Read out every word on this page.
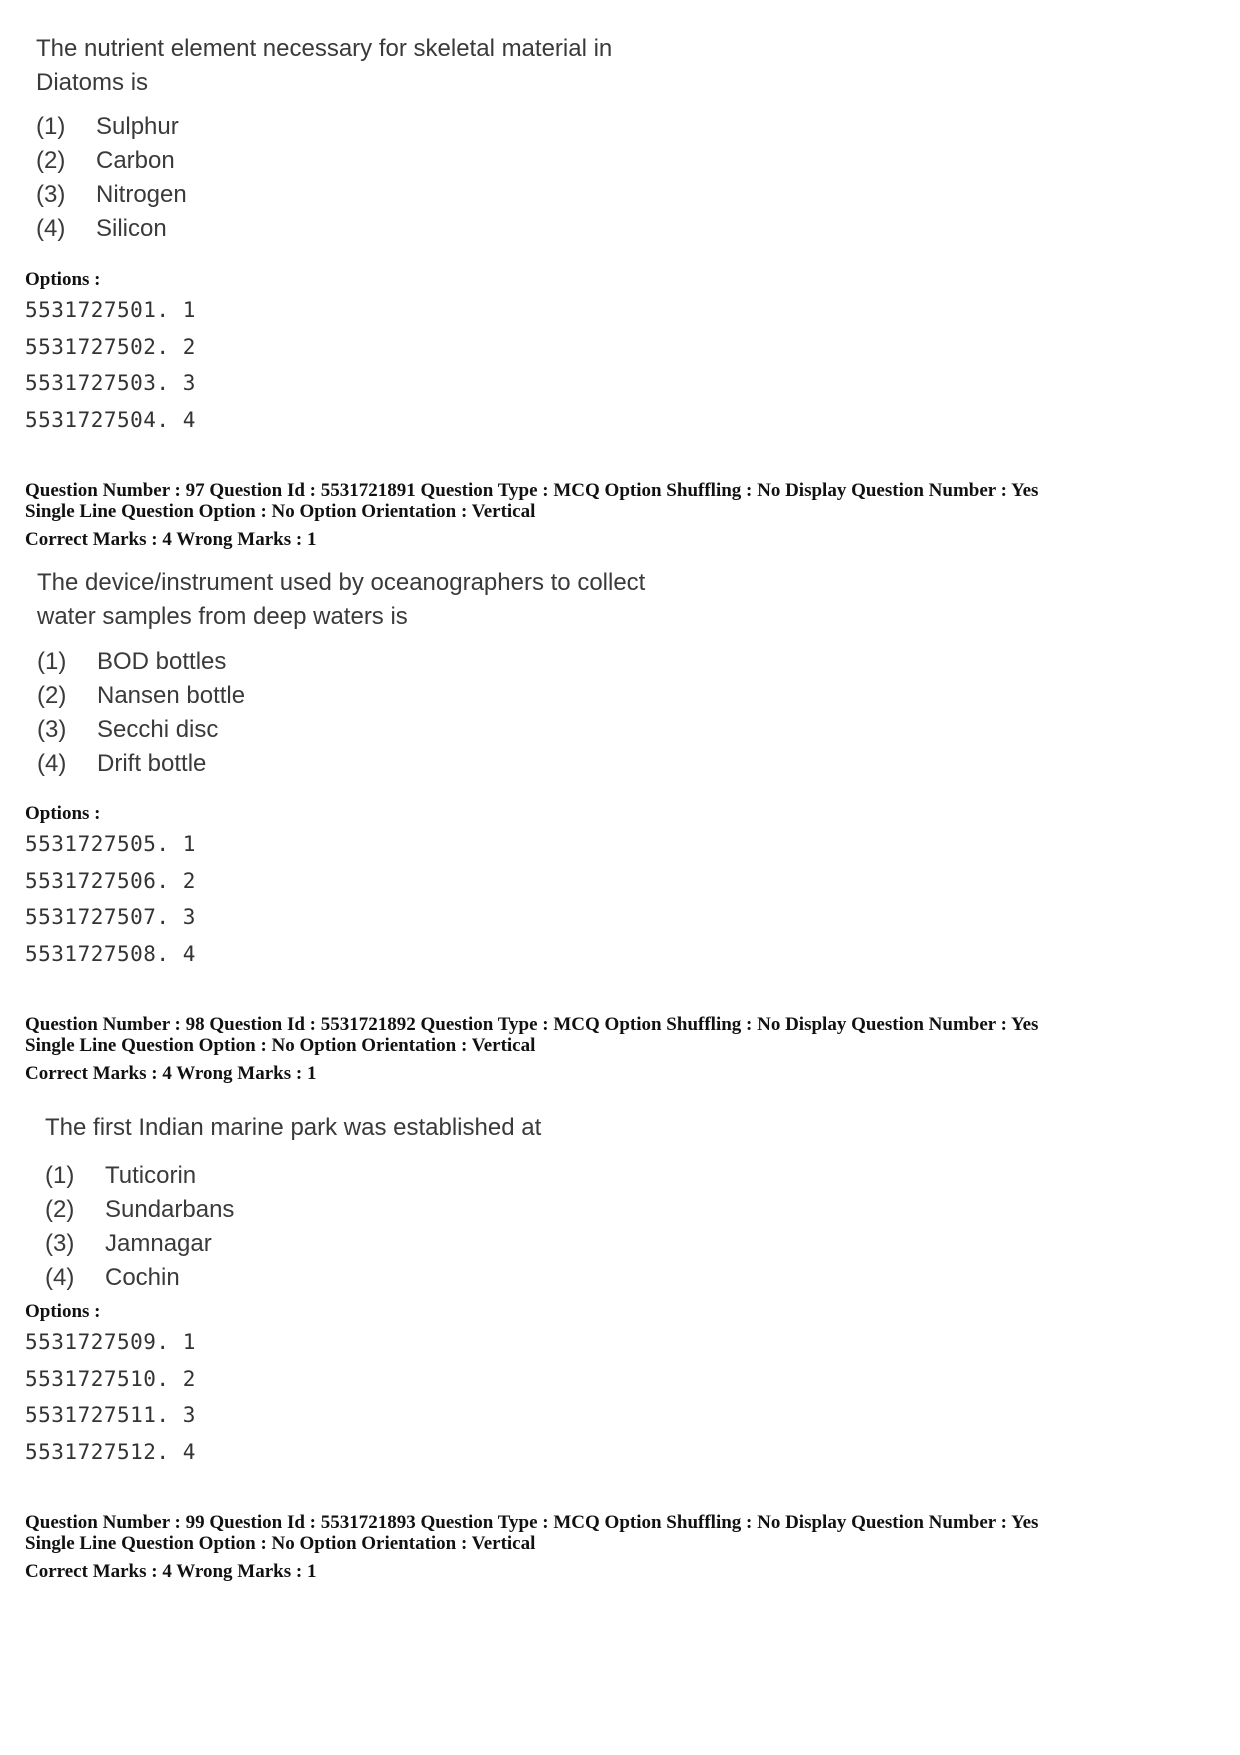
The nutrient element necessary for skeletal material in
Diatoms is

(1)	Sulphur
(2)	Carbon
(3)	Nitrogen
(4)	Silicon

Options :

5531727501. 1
5531727502. 2
5531727503. 3
5531727504. 4
Question Number : 97 Question Id : 5531721891 Question Type : MCQ Option Shuffling : No Display Question Number : Yes
Single Line Question Option : No Option Orientation : Vertical
Correct Marks : 4 Wrong Marks : 1

The device/instrument used by oceanographers to collect
water samples from deep waters is

(1)	BOD bottles
(2)	Nansen bottle
(3)	Secchi disc
(4)	Drift bottle

Options :

5531727505. 1
5531727506. 2
5531727507. 3
5531727508. 4
Question Number : 98 Question Id : 5531721892 Question Type : MCQ Option Shuffling : No Display Question Number : Yes
Single Line Question Option : No Option Orientation : Vertical
Correct Marks : 4 Wrong Marks : 1

The first Indian marine park was established at

(1)	Tuticorin
(2)	Sundarbans
(3)	Jamnagar
(4)	Cochin

Options :

5531727509. 1
5531727510. 2
5531727511. 3
5531727512. 4
Question Number : 99 Question Id : 5531721893 Question Type : MCQ Option Shuffling : No Display Question Number : Yes
Single Line Question Option : No Option Orientation : Vertical
Correct Marks : 4 Wrong Marks : 1
